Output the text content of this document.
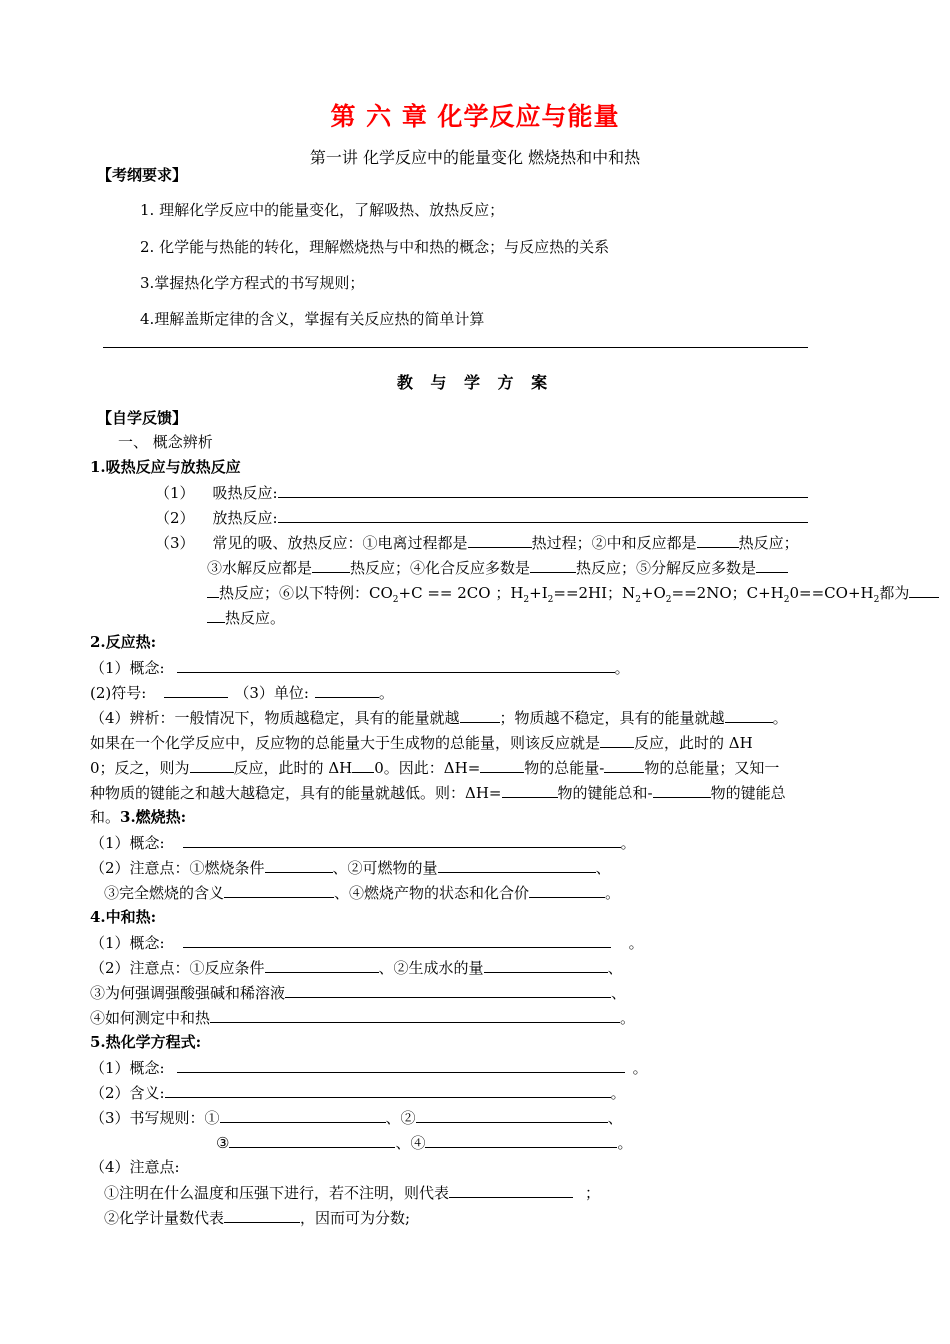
第 六 章 化学反应与能量
第一讲 化学反应中的能量变化 燃烧热和中和热
【考纲要求】
1. 理解化学反应中的能量变化，了解吸热、放热反应；
2. 化学能与热能的转化，理解燃烧热与中和热的概念；与反应热的关系
3.掌握热化学方程式的书写规则；
4.理解盖斯定律的含义，掌握有关反应热的简单计算
教 与 学 方 案
【自学反馈】
一、 概念辨析
1.吸热反应与放热反应
（1） 吸热反应:
（2） 放热反应:
（3） 常见的吸、放热反应：①电离过程都是	热过程；②中和反应都是	热反应；
③水解反应都是	热反应；④化合反应多数是	热反应；⑤分解反应多数是
热反应；⑥以下特例：$CO_2+C == 2CO$ ；$H_2+I_2==2HI$；$N_2+O_2==2NO$；$C+H_20==CO+H_2$都为
热反应。
2.反应热:
（1）概念:	。
(2)符号:	（3）单位:	。
（4）辨析：一般情况下，物质越稳定，具有的能量就越	；物质越不稳定，具有的能量就越	。
如果在一个化学反应中，反应物的总能量大于生成物的总能量，则该反应就是 反应，此时的 ΔH
0；反之，则为	反应，此时的 ΔH 0。因此：ΔH=	物的总能量-	物的总能量；又知一
种物质的键能之和越大越稳定，具有的能量就越低。则：ΔH=	物的键能总和-	物的键能总
和。3.燃烧热:
（1）概念:	。
（2）注意点：①燃烧条件	、②可燃物的量	、
③完全燃烧的含义	、④燃烧产物的状态和化合价	。
4.中和热:
（1）概念:	。
（2）注意点：①反应条件	、②生成水的量	、
③为何强调强酸强碱和稀溶液	、
④如何测定中和热	。
5.热化学方程式:
（1）概念:	。
（2）含义:	。
（3）书写规则：①	、②	、
③	、④	。
（4）注意点:
①注明在什么温度和压强下进行，若不注明，则代表	；
②化学计量数代表	，因而可为分数;
